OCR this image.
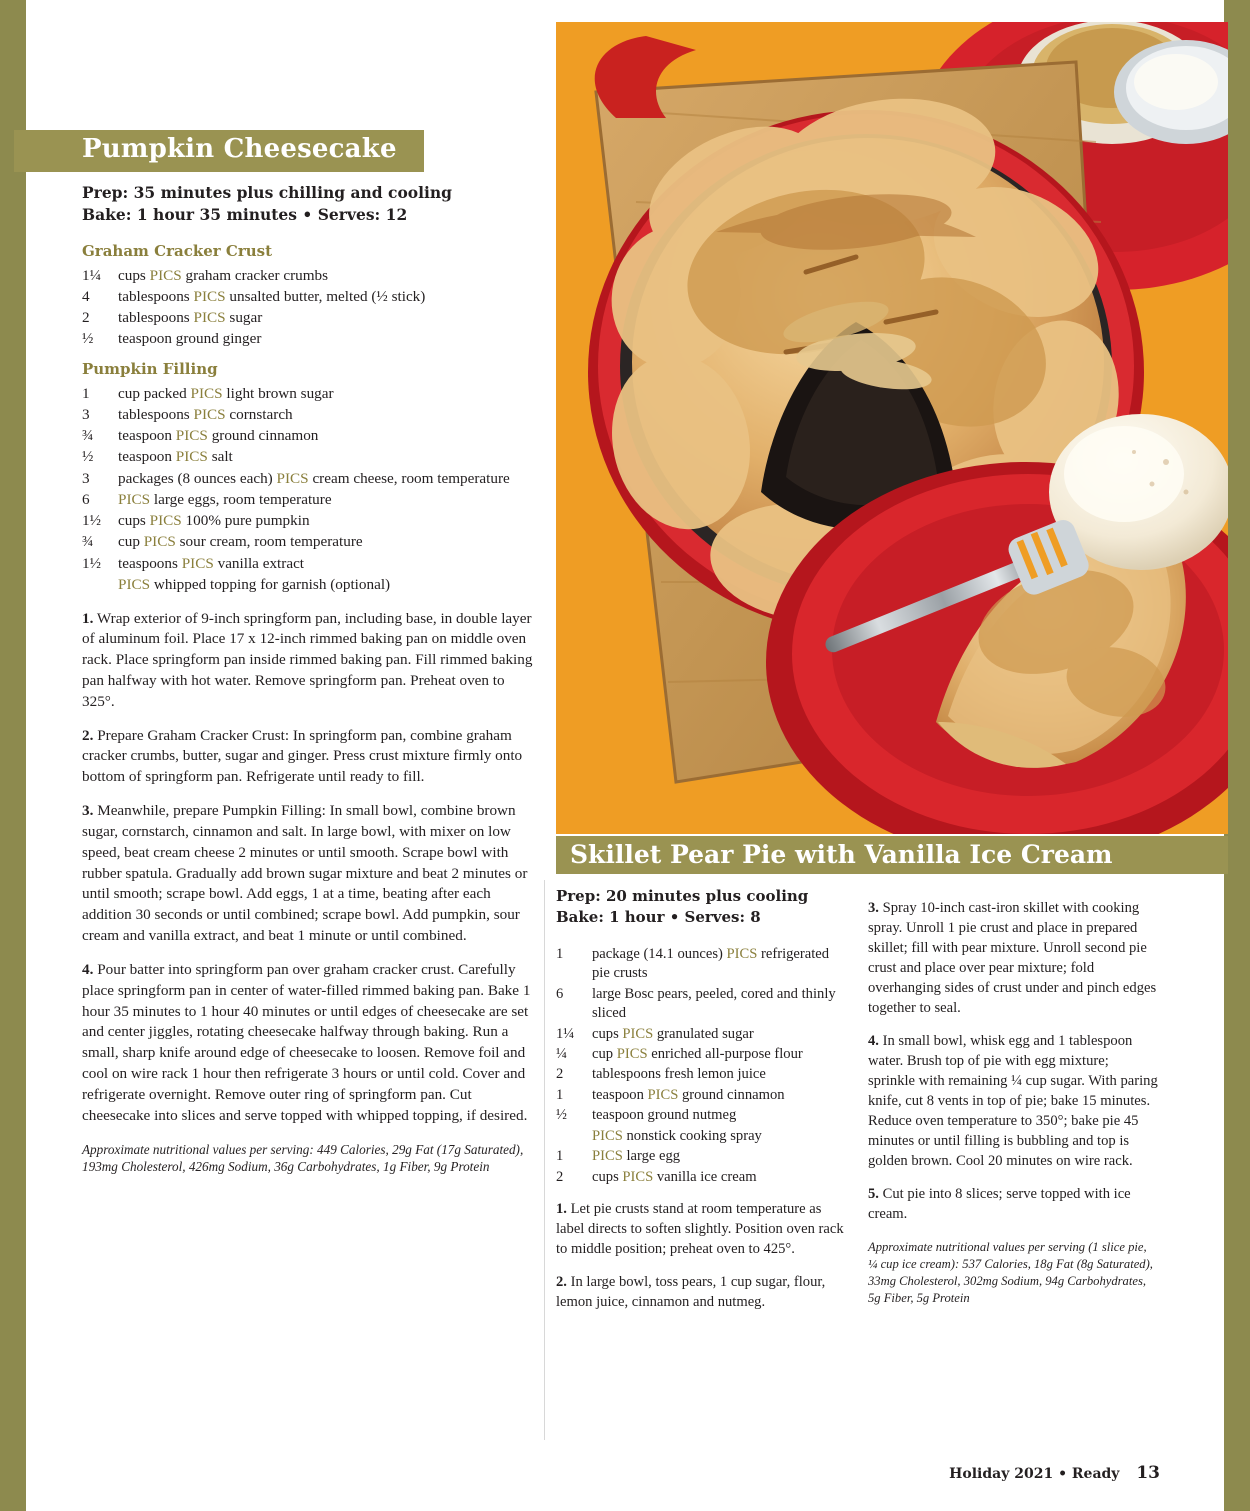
Pumpkin Cheesecake
Prep: 35 minutes plus chilling and cooling
Bake: 1 hour 35 minutes • Serves: 12
Graham Cracker Crust
1¼	cups PICS graham cracker crumbs
4	tablespoons PICS unsalted butter, melted (½ stick)
2	tablespoons PICS sugar
½	teaspoon ground ginger
Pumpkin Filling
1	cup packed PICS light brown sugar
3	tablespoons PICS cornstarch
¾	teaspoon PICS ground cinnamon
½	teaspoon PICS salt
3	packages (8 ounces each) PICS cream cheese, room temperature
6	PICS large eggs, room temperature
1½	cups PICS 100% pure pumpkin
¾	cup PICS sour cream, room temperature
1½	teaspoons PICS vanilla extract
	PICS whipped topping for garnish (optional)
1. Wrap exterior of 9-inch springform pan, including base, in double layer of aluminum foil. Place 17 x 12-inch rimmed baking pan on middle oven rack. Place springform pan inside rimmed baking pan. Fill rimmed baking pan halfway with hot water. Remove springform pan. Preheat oven to 325°.
2. Prepare Graham Cracker Crust: In springform pan, combine graham cracker crumbs, butter, sugar and ginger. Press crust mixture firmly onto bottom of springform pan. Refrigerate until ready to fill.
3. Meanwhile, prepare Pumpkin Filling: In small bowl, combine brown sugar, cornstarch, cinnamon and salt. In large bowl, with mixer on low speed, beat cream cheese 2 minutes or until smooth. Scrape bowl with rubber spatula. Gradually add brown sugar mixture and beat 2 minutes or until smooth; scrape bowl. Add eggs, 1 at a time, beating after each addition 30 seconds or until combined; scrape bowl. Add pumpkin, sour cream and vanilla extract, and beat 1 minute or until combined.
4. Pour batter into springform pan over graham cracker crust. Carefully place springform pan in center of water-filled rimmed baking pan. Bake 1 hour 35 minutes to 1 hour 40 minutes or until edges of cheesecake are set and center jiggles, rotating cheesecake halfway through baking. Run a small, sharp knife around edge of cheesecake to loosen. Remove foil and cool on wire rack 1 hour then refrigerate 3 hours or until cold. Cover and refrigerate overnight. Remove outer ring of springform pan. Cut cheesecake into slices and serve topped with whipped topping, if desired.
Approximate nutritional values per serving: 449 Calories, 29g Fat (17g Saturated), 193mg Cholesterol, 426mg Sodium, 36g Carbohydrates, 1g Fiber, 9g Protein
Skillet Pear Pie with Vanilla Ice Cream
Prep: 20 minutes plus cooling
Bake: 1 hour • Serves: 8
1	package (14.1 ounces) PICS refrigerated pie crusts
6	large Bosc pears, peeled, cored and thinly sliced
1¼	cups PICS granulated sugar
¼	cup PICS enriched all-purpose flour
2	tablespoons fresh lemon juice
1	teaspoon PICS ground cinnamon
½	teaspoon ground nutmeg
	PICS nonstick cooking spray
1	PICS large egg
2	cups PICS vanilla ice cream
1. Let pie crusts stand at room temperature as label directs to soften slightly. Position oven rack to middle position; preheat oven to 425°.
2. In large bowl, toss pears, 1 cup sugar, flour, lemon juice, cinnamon and nutmeg.
3. Spray 10-inch cast-iron skillet with cooking spray. Unroll 1 pie crust and place in prepared skillet; fill with pear mixture. Unroll second pie crust and place over pear mixture; fold overhanging sides of crust under and pinch edges together to seal.
4. In small bowl, whisk egg and 1 tablespoon water. Brush top of pie with egg mixture; sprinkle with remaining ¼ cup sugar. With paring knife, cut 8 vents in top of pie; bake 15 minutes. Reduce oven temperature to 350°; bake pie 45 minutes or until filling is bubbling and top is golden brown. Cool 20 minutes on wire rack.
5. Cut pie into 8 slices; serve topped with ice cream.
Approximate nutritional values per serving (1 slice pie, ¼ cup ice cream): 537 Calories, 18g Fat (8g Saturated), 33mg Cholesterol, 302mg Sodium, 94g Carbohydrates, 5g Fiber, 5g Protein
Holiday 2021 • Ready 13
